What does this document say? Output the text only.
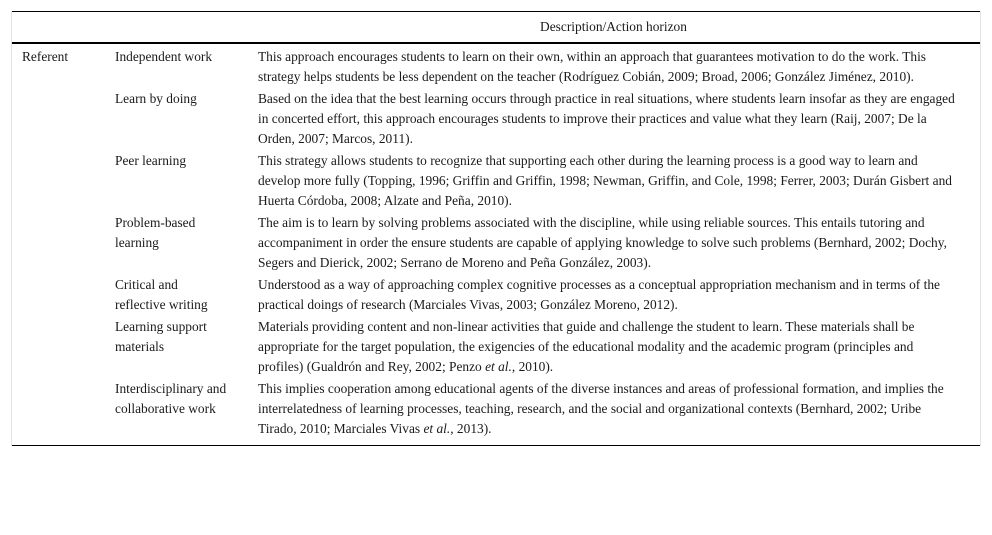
		Description/Action horizon
Referent	Independent work	This approach encourages students to learn on their own, within an approach that guarantees motivation to do the work. This strategy helps students be less dependent on the teacher (Rodríguez Cobián, 2009; Broad, 2006; González Jiménez, 2010).
	Learn by doing	Based on the idea that the best learning occurs through practice in real situations, where students learn insofar as they are engaged in concerted effort, this approach encourages students to improve their practices and value what they learn (Raij, 2007; De la Orden, 2007; Marcos, 2011).
	Peer learning	This strategy allows students to recognize that supporting each other during the learning process is a good way to learn and develop more fully (Topping, 1996; Griffin and Griffin, 1998; Newman, Griffin, and Cole, 1998; Ferrer, 2003; Durán Gisbert and Huerta Córdoba, 2008; Alzate and Peña, 2010).
	Problem-based learning	The aim is to learn by solving problems associated with the discipline, while using reliable sources. This entails tutoring and accompaniment in order the ensure students are capable of applying knowledge to solve such problems (Bernhard, 2002; Dochy, Segers and Dierick, 2002; Serrano de Moreno and Peña González, 2003).
	Critical and reflective writing	Understood as a way of approaching complex cognitive processes as a conceptual appropriation mechanism and in terms of the practical doings of research (Marciales Vivas, 2003; González Moreno, 2012).
	Learning support materials	Materials providing content and non-linear activities that guide and challenge the student to learn. These materials shall be appropriate for the target population, the exigencies of the educational modality and the academic program (principles and profiles) (Gualdrón and Rey, 2002; Penzo et al., 2010).
	Interdisciplinary and collaborative work	This implies cooperation among educational agents of the diverse instances and areas of professional formation, and implies the interrelatedness of learning processes, teaching, research, and the social and organizational contexts (Bernhard, 2002; Uribe Tirado, 2010; Marciales Vivas et al., 2013).
